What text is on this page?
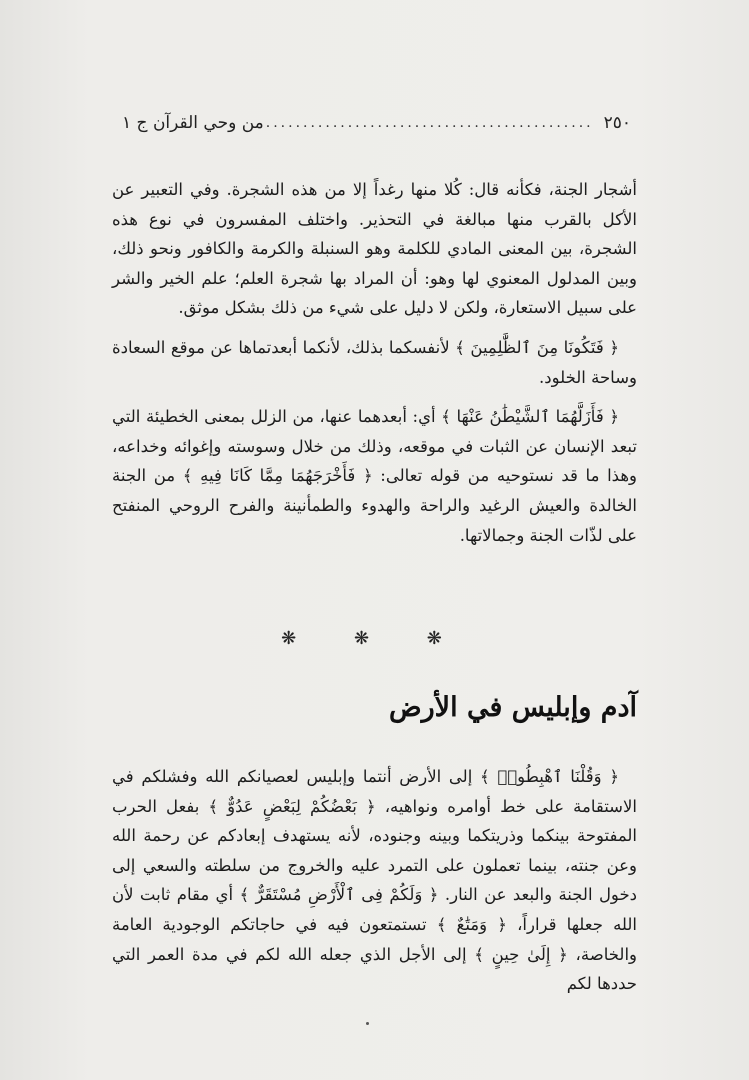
٢٥٠
............................................
من وحي القرآن ج ١

أشجار الجنة، فكأنه قال: كُلا منها رغداً إلا من هذه الشجرة. وفي التعبير عن الأكل بالقرب منها مبالغة في التحذير. واختلف المفسرون في نوع هذه الشجرة، بين المعنى المادي للكلمة وهو السنبلة والكرمة والكافور ونحو ذلك، وبين المدلول المعنوي لها وهو: أن المراد بها شجرة العلم؛ علم الخير والشر على سبيل الاستعارة، ولكن لا دليل على شيء من ذلك بشكل موثق.

﴿ فَتَكُونَا مِنَ ٱلظَّٰلِمِينَ ﴾ لأنفسكما بذلك، لأنكما أبعدتماها عن موقع السعادة وساحة الخلود.

﴿ فَأَزَلَّهُمَا ٱلشَّيْطَٰنُ عَنْهَا ﴾ أي: أبعدهما عنها، من الزلل بمعنى الخطيئة التي تبعد الإنسان عن الثبات في موقعه، وذلك من خلال وسوسته وإغوائه وخداعه، وهذا ما قد نستوحيه من قوله تعالى: ﴿ فَأَخْرَجَهُمَا مِمَّا كَانَا فِيهِ ﴾ من الجنة الخالدة والعيش الرغيد والراحة والهدوء والطمأنينة والفرح الروحي المنفتح على لذّات الجنة وجمالاتها.

❋ ❋ ❋
آدم وإبليس في الأرض

﴿ وَقُلْنَا ٱهْبِطُوا۟ ﴾ إلى الأرض أنتما وإبليس لعصيانكم الله وفشلكم في الاستقامة على خط أوامره ونواهيه، ﴿ بَعْضُكُمْ لِبَعْضٍ عَدُوٌّ ﴾ بفعل الحرب المفتوحة بينكما وذريتكما وبينه وجنوده، لأنه يستهدف إبعادكم عن رحمة الله وعن جنته، بينما تعملون على التمرد عليه والخروج من سلطته والسعي إلى دخول الجنة والبعد عن النار. ﴿ وَلَكُمْ فِى ٱلْأَرْضِ مُسْتَقَرٌّ ﴾ أي مقام ثابت لأن الله جعلها قراراً، ﴿ وَمَتَٰعٌ ﴾ تستمتعون فيه في حاجاتكم الوجودية العامة والخاصة، ﴿ إِلَىٰ حِينٍ ﴾ إلى الأجل الذي جعله الله لكم في مدة العمر التي حددها لكم
